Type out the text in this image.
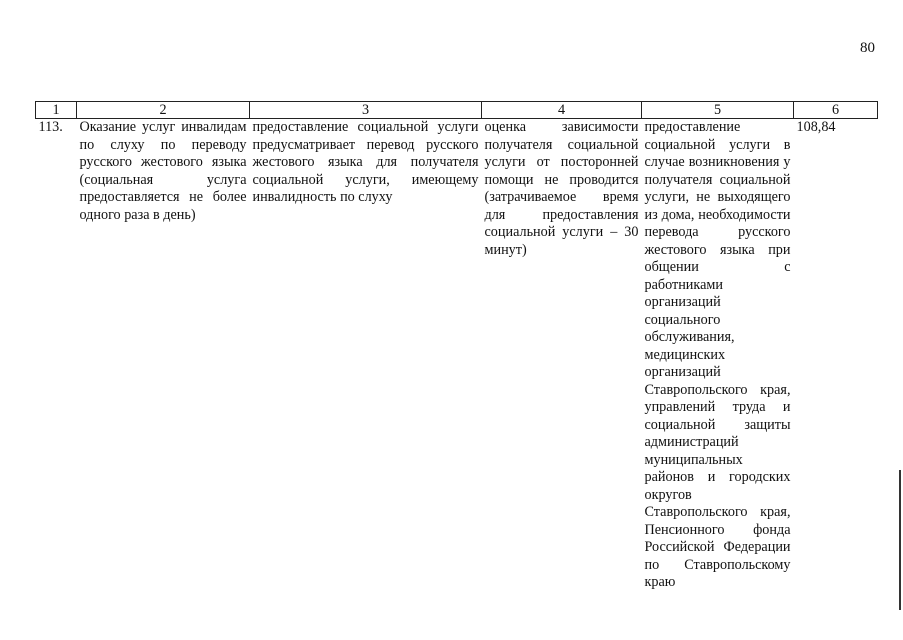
80
1	2	3	4	5	6
113.	Оказание услуг инвалидам по слуху по переводу русского жестового языка (социальная услуга предоставляется не более одного раза в день)	предоставление социальной услуги предусматривает перевод русского жестового языка для получателя социальной услуги, имеющему инвалидность по слуху	оценка зависимости получателя социальной услуги от посторонней помощи не проводится (затрачиваемое время для предоставления социальной услуги – 30 минут)	предоставление социальной услуги в случае возникновения у получателя социальной услуги, не выходящего из дома, необходимости перевода русского жестового языка при общении с работниками организаций социального обслуживания, медицинских организаций Ставропольского края, управлений труда и социальной защиты администраций муниципальных районов и городских округов Ставропольского края, Пенсионного фонда Российской Федерации по Ставропольскому краю	108,84
